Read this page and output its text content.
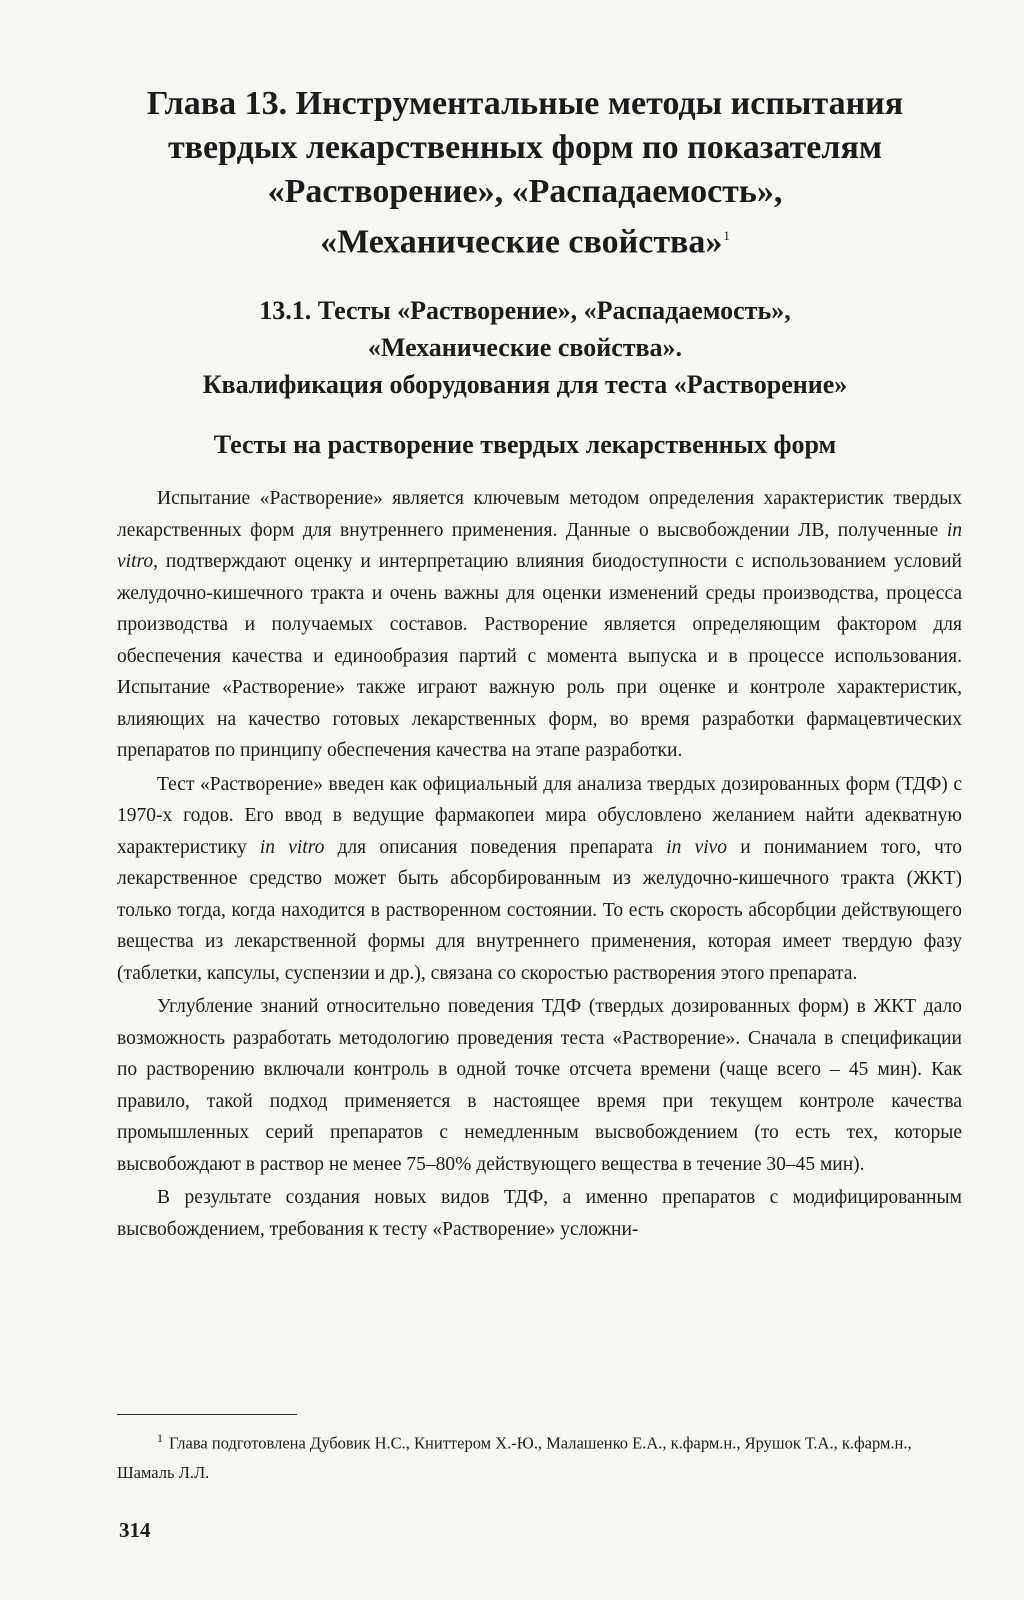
Глава 13. Инструментальные методы испытания
твердых лекарственных форм по показателям
«Растворение», «Распадаемость»,
«Механические свойства»$^1$
13.1. Тесты «Растворение», «Распадаемость»,
«Механические свойства».
Квалификация оборудования для теста «Растворение»
Тесты на растворение твердых лекарственных форм

Испытание «Растворение» является ключевым методом определения характеристик твердых лекарственных форм для внутреннего применения. Данные о высвобождении ЛВ, полученные in vitro, подтверждают оценку и интерпретацию влияния биодоступности с использованием условий желудочно-кишечного тракта и очень важны для оценки изменений среды производства, процесса производства и получаемых составов. Растворение является определяющим фактором для обеспечения качества и единообразия партий с момента выпуска и в процессе использования. Испытание «Растворение» также играют важную роль при оценке и контроле характеристик, влияющих на качество готовых лекарственных форм, во время разработки фармацевтических препаратов по принципу обеспечения качества на этапе разработки.

Тест «Растворение» введен как официальный для анализа твердых дозированных форм (ТДФ) с 1970-х годов. Его ввод в ведущие фармакопеи мира обусловлено желанием найти адекватную характеристику in vitro для описания поведения препарата in vivo и пониманием того, что лекарственное средство может быть абсорбированным из желудочно-кишечного тракта (ЖКТ) только тогда, когда находится в растворенном состоянии. То есть скорость абсорбции действующего вещества из лекарственной формы для внутреннего применения, которая имеет твердую фазу (таблетки, капсулы, суспензии и др.), связана со скоростью растворения этого препарата.

Углубление знаний относительно поведения ТДФ (твердых дозированных форм) в ЖКТ дало возможность разработать методологию проведения теста «Растворение». Сначала в спецификации по растворению включали контроль в одной точке отсчета времени (чаще всего – 45 мин). Как правило, такой подход применяется в настоящее время при текущем контроле качества промышленных серий препаратов с немедленным высвобождением (то есть тех, которые высвобождают в раствор не менее 75–80% действующего вещества в течение 30–45 мин).

В результате создания новых видов ТДФ, а именно препаратов с модифицированным высвобождением, требования к тесту «Растворение» усложни-

$^1$ Глава подготовлена Дубовик Н.С., Книттером Х.-Ю., Малашенко Е.А., к.фарм.н., Ярушок Т.А., к.фарм.н., Шамаль Л.Л.

314
